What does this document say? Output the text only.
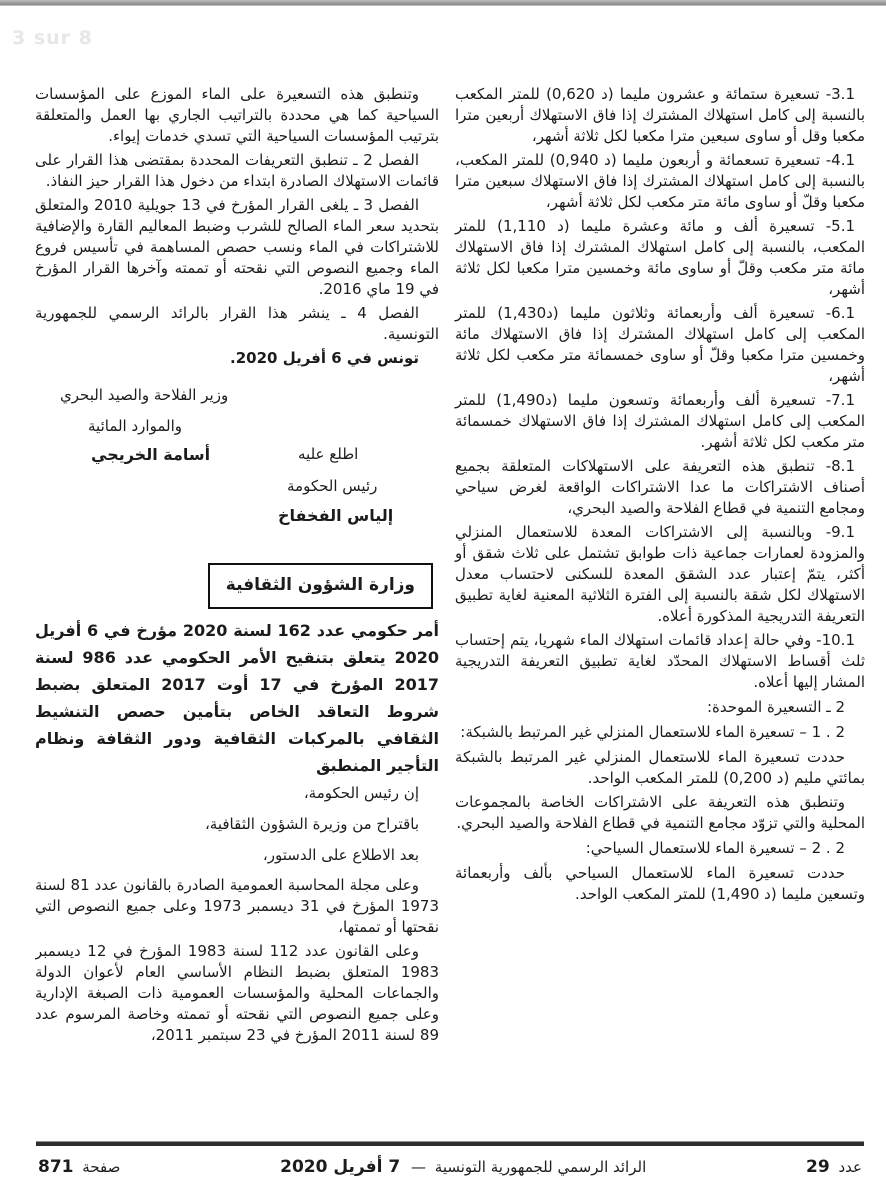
3 sur 8

3.1- تسعيرة ستمائة و عشرون مليما ⁦(0,620 د)⁩ للمتر المكعب بالنسبة إلى كامل استهلاك المشترك إذا فاق الاستهلاك أربعين مترا مكعبا وقل أو ساوى سبعين مترا مكعبا لكل ثلاثة أشهر،

4.1- تسعيرة تسعمائة و أربعون مليما ⁦(0,940 د)⁩ للمتر المكعب، بالنسبة إلى كامل استهلاك المشترك إذا فاق الاستهلاك سبعين مترا مكعبا وقلّ أو ساوى مائة متر مكعب لكل ثلاثة أشهر،

5.1- تسعيرة ألف و مائة وعشرة مليما ⁦(1,110 د)⁩ للمتر المكعب، بالنسبة إلى كامل استهلاك المشترك إذا فاق الاستهلاك مائة متر مكعب وقلّ أو ساوى مائة وخمسين مترا مكعبا لكل ثلاثة أشهر،

6.1- تسعيرة ألف وأربعمائة وثلاثون مليما ⁦(1,430د)⁩ للمتر المكعب إلى كامل استهلاك المشترك إذا فاق الاستهلاك مائة وخمسين مترا مكعبا وقلّ أو ساوى خمسمائة متر مكعب لكل ثلاثة أشهر،

7.1- تسعيرة ألف وأربعمائة وتسعون مليما ⁦(1,490د)⁩ للمتر المكعب إلى كامل استهلاك المشترك إذا فاق الاستهلاك خمسمائة متر مكعب لكل ثلاثة أشهر.

8.1- تنطبق هذه التعريفة على الاستهلاكات المتعلقة بجميع أصناف الاشتراكات ما عدا الاشتراكات الواقعة لغرض سياحي ومجامع التنمية في قطاع الفلاحة والصيد البحري،

9.1- وبالنسبة إلى الاشتراكات المعدة للاستعمال المنزلي والمزودة لعمارات جماعية ذات طوابق تشتمل على ثلاث شقق أو أكثر، يتمّ إعتبار عدد الشقق المعدة للسكنى لاحتساب معدل الاستهلاك لكل شقة بالنسبة إلى الفترة الثلاثية المعنية لغاية تطبيق التعريفة التدريجية المذكورة أعلاه.

10.1- وفي حالة إعداد قائمات استهلاك الماء شهريا، يتم إحتساب ثلث أقساط الاستهلاك المحدّد لغاية تطبيق التعريفة التدريجية المشار إليها أعلاه.

2 ـ التسعيرة الموحدة:

2 . 1 – تسعيرة الماء للاستعمال المنزلي غير المرتبط بالشبكة:

حددت تسعيرة الماء للاستعمال المنزلي غير المرتبط بالشبكة بمائتي مليم ⁦(0,200 د)⁩ للمتر المكعب الواحد.

وتنطبق هذه التعريفة على الاشتراكات الخاصة بالمجموعات المحلية والتي تزوّد مجامع التنمية في قطاع الفلاحة والصيد البحري.

2 . 2 – تسعيرة الماء للاستعمال السياحي:

حددت تسعيرة الماء للاستعمال السياحي بألف وأربعمائة وتسعين مليما ⁦(1,490 د)⁩ للمتر المكعب الواحد.

وتنطبق هذه التسعيرة على الماء الموزع على المؤسسات السياحية كما هي محددة بالتراتيب الجاري بها العمل والمتعلقة بترتيب المؤسسات السياحية التي تسدي خدمات إيواء.

الفصل 2 ـ تنطبق التعريفات المحددة بمقتضى هذا القرار على قائمات الاستهلاك الصادرة ابتداء من دخول هذا القرار حيز النفاذ.

الفصل 3 ـ يلغى القرار المؤرخ في 13 جويلية 2010 والمتعلق بتحديد سعر الماء الصالح للشرب وضبط المعاليم القارة والإضافية للاشتراكات في الماء ونسب حصص المساهمة في تأسيس فروع الماء وجميع النصوص التي نقحته أو تممته وآخرها القرار المؤرخ في 19 ماي 2016.

الفصل 4 ـ ينشر هذا القرار بالرائد الرسمي للجمهورية التونسية.

تونس في 6 أفريل 2020.

وزير الفلاحة والصيد البحري
والموارد المائية
أسامة الخريجي	اطلع عليه
رئيس الحكومة
إلياس الفخفاخ
وزارة الشؤون الثقافية

أمر حكومي عدد 162 لسنة 2020 مؤرخ في 6 أفريل 2020 يتعلق بتنقيح الأمر الحكومي عدد 986 لسنة 2017 المؤرخ في 17 أوت 2017 المتعلق بضبط شروط التعاقد الخاص بتأمين حصص التنشيط الثقافي بالمركبات الثقافية ودور الثقافة ونظام التأجير المنطبق

إن رئيس الحكومة،

باقتراح من وزيرة الشؤون الثقافية،

بعد الاطلاع على الدستور،

وعلى مجلة المحاسبة العمومية الصادرة بالقانون عدد 81 لسنة 1973 المؤرخ في 31 ديسمبر 1973 وعلى جميع النصوص التي نقحتها أو تممتها،

وعلى القانون عدد 112 لسنة 1983 المؤرخ في 12 ديسمبر 1983 المتعلق بضبط النظام الأساسي العام لأعوان الدولة والجماعات المحلية والمؤسسات العمومية ذات الصبغة الإدارية وعلى جميع النصوص التي نقحته أو تممته وخاصة المرسوم عدد 89 لسنة 2011 المؤرخ في 23 سبتمبر 2011،

عدد 29
الرائد الرسمي للجمهورية التونسية — 7 أفريل 2020
صفحة 871
